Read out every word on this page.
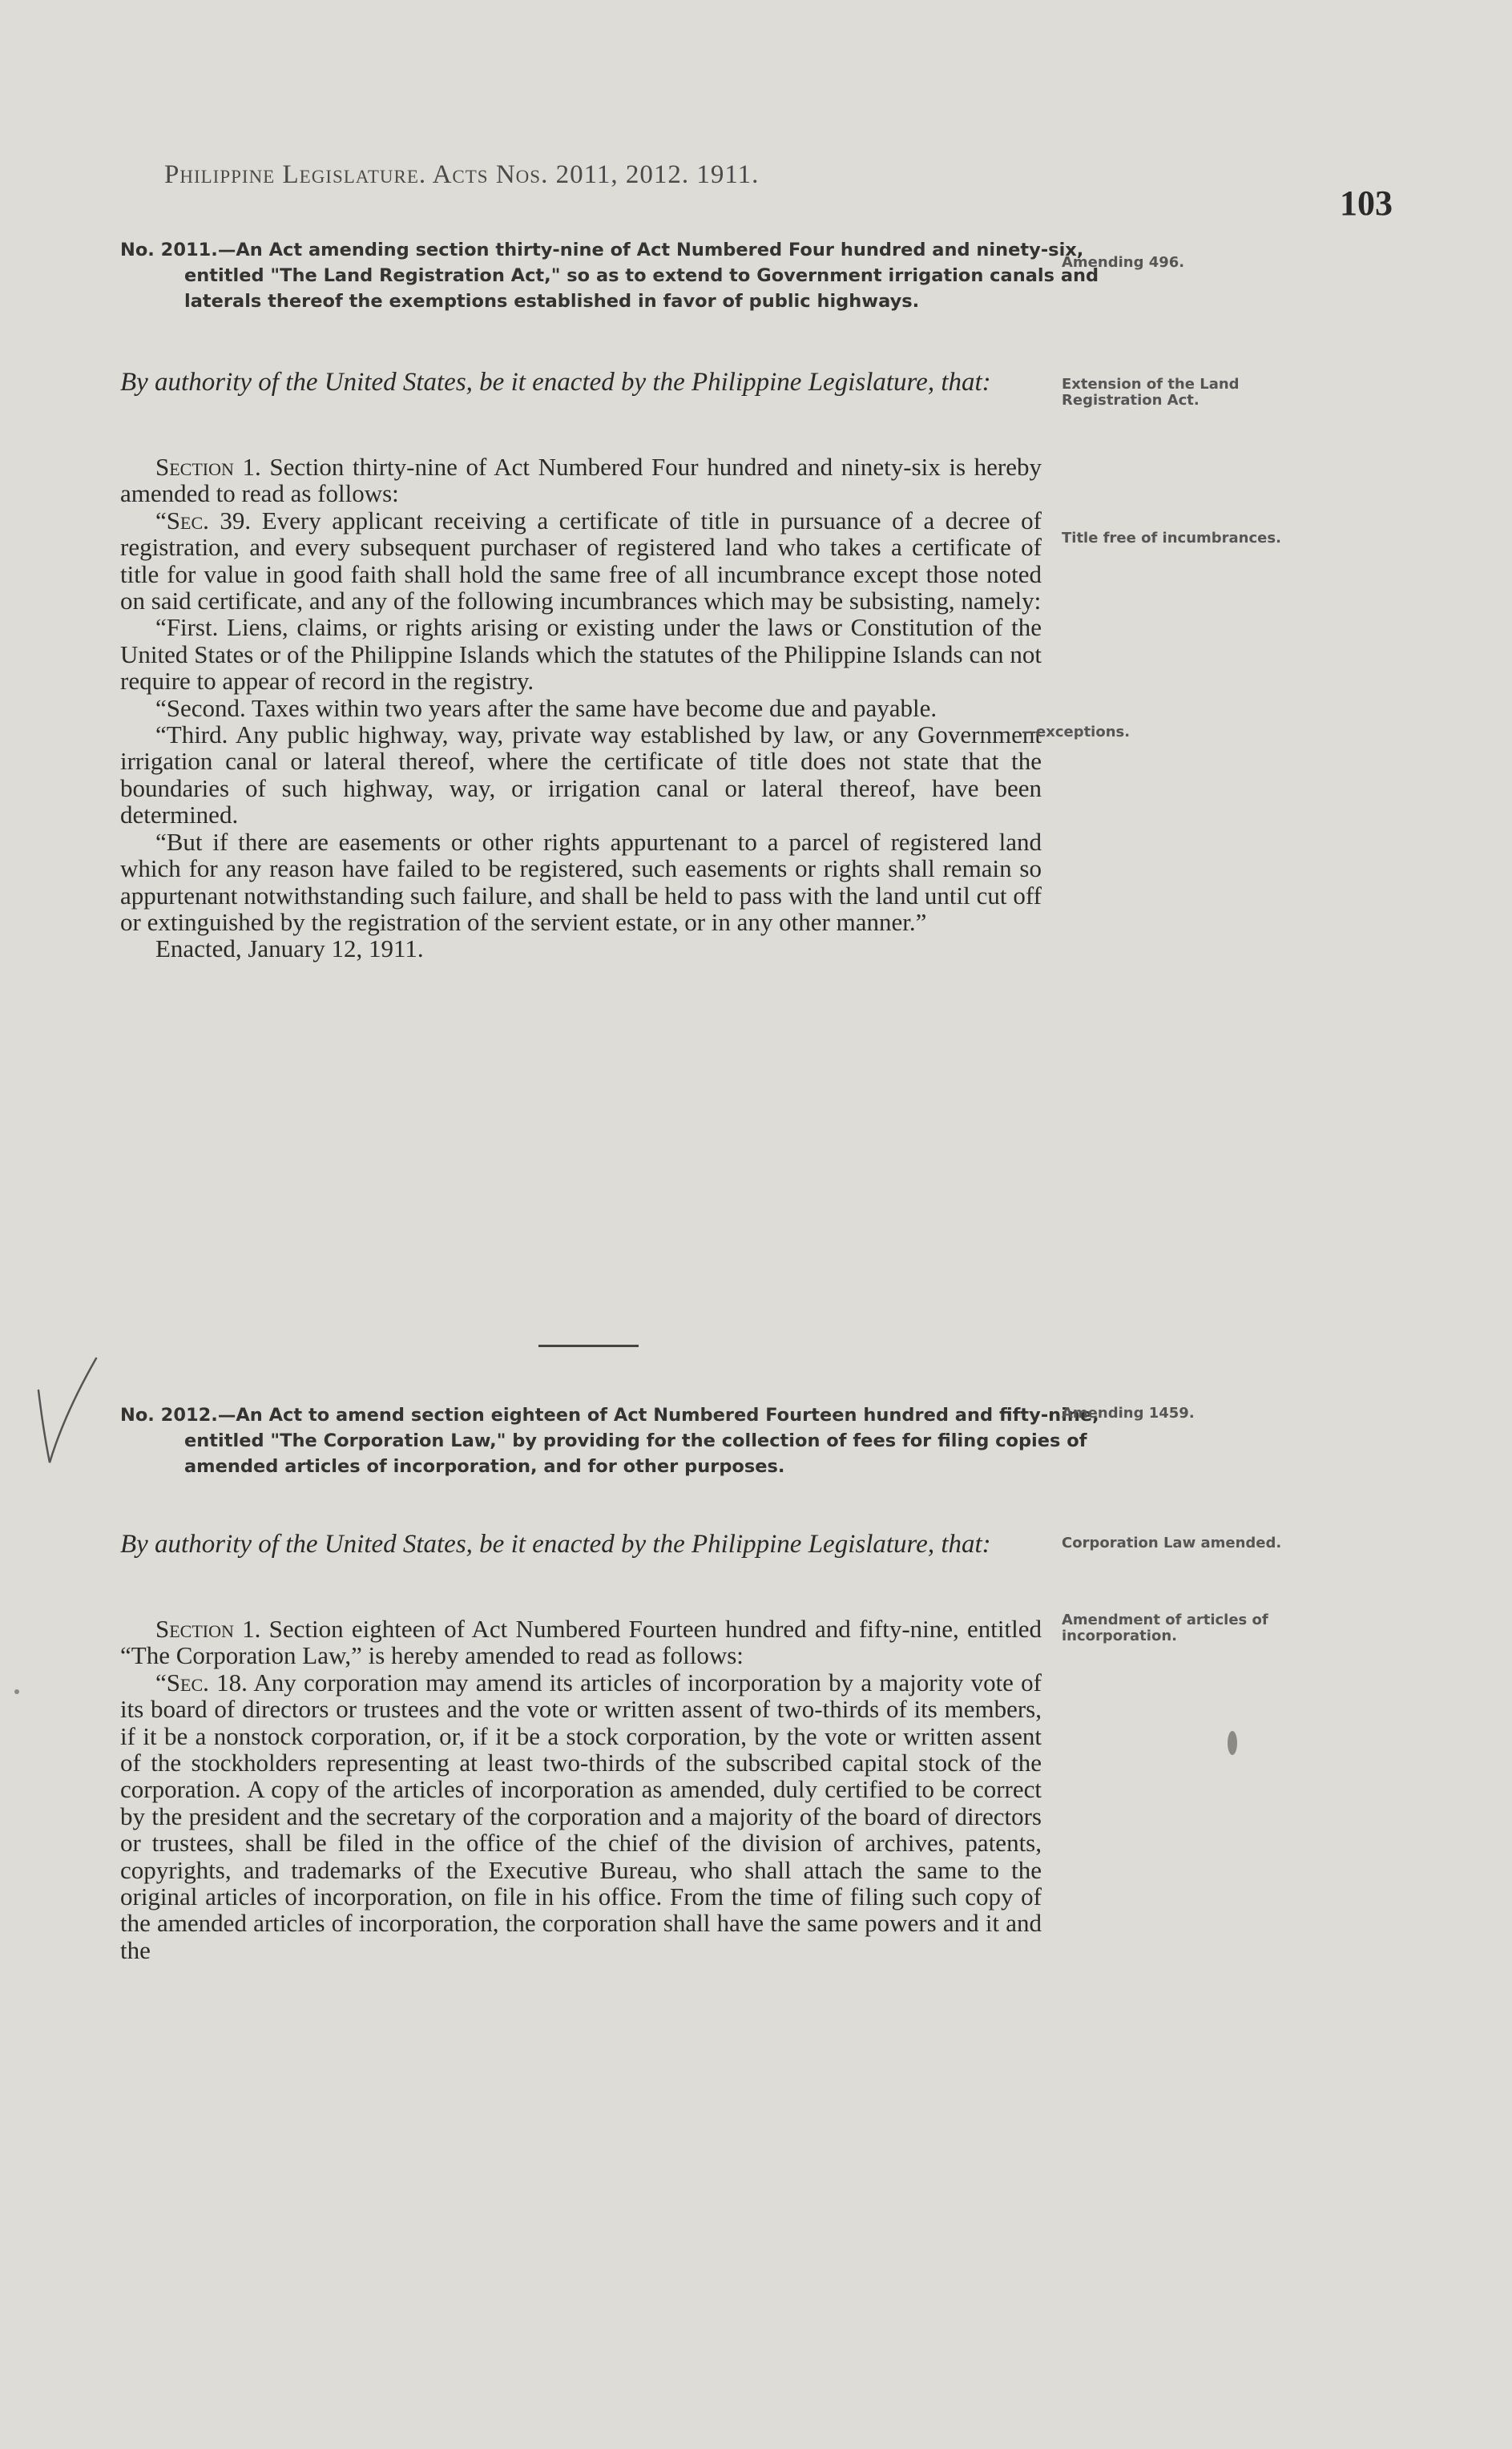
Philippine Legislature. Acts Nos. 2011, 2012. 1911.
103
No. 2011.—An Act amending section thirty-nine of Act Numbered Four hundred and ninety-six, entitled "The Land Registration Act," so as to extend to Government irrigation canals and laterals thereof the exemptions established in favor of public highways.
By authority of the United States, be it enacted by the Philippine Legislature, that:

Section 1. Section thirty-nine of Act Numbered Four hundred and ninety-six is hereby amended to read as follows:

“Sec. 39. Every applicant receiving a certificate of title in pursuance of a decree of registration, and every subsequent purchaser of registered land who takes a certificate of title for value in good faith shall hold the same free of all incumbrance except those noted on said certificate, and any of the following incumbrances which may be subsisting, namely:

“First. Liens, claims, or rights arising or existing under the laws or Constitution of the United States or of the Philippine Islands which the statutes of the Philippine Islands can not require to appear of record in the registry.

“Second. Taxes within two years after the same have become due and payable.

“Third. Any public highway, way, private way established by law, or any Government irrigation canal or lateral thereof, where the certificate of title does not state that the boundaries of such highway, way, or irrigation canal or lateral thereof, have been determined.

“But if there are easements or other rights appurtenant to a parcel of registered land which for any reason have failed to be registered, such easements or rights shall remain so appurtenant notwithstanding such failure, and shall be held to pass with the land until cut off or extinguished by the registration of the servient estate, or in any other manner.”

Enacted, January 12, 1911.

Amending 496.
Extension of the Land Registration Act.
Title free of incumbrances.
—exceptions.
No. 2012.—An Act to amend section eighteen of Act Numbered Fourteen hundred and fifty-nine, entitled "The Corporation Law," by providing for the collection of fees for filing copies of amended articles of incorporation, and for other purposes.
By authority of the United States, be it enacted by the Philippine Legislature, that:

Section 1. Section eighteen of Act Numbered Fourteen hundred and fifty-nine, entitled “The Corporation Law,” is hereby amended to read as follows:

“Sec. 18. Any corporation may amend its articles of incorporation by a majority vote of its board of directors or trustees and the vote or written assent of two-thirds of its members, if it be a nonstock corporation, or, if it be a stock corporation, by the vote or written assent of the stockholders representing at least two-thirds of the subscribed capital stock of the corporation. A copy of the articles of incorporation as amended, duly certified to be correct by the president and the secretary of the corporation and a majority of the board of directors or trustees, shall be filed in the office of the chief of the division of archives, patents, copyrights, and trademarks of the Executive Bureau, who shall attach the same to the original articles of incorporation, on file in his office. From the time of filing such copy of the amended articles of incorporation, the corporation shall have the same powers and it and the

Amending 1459.
Corporation Law amended.
Amendment of articles of incorporation.
